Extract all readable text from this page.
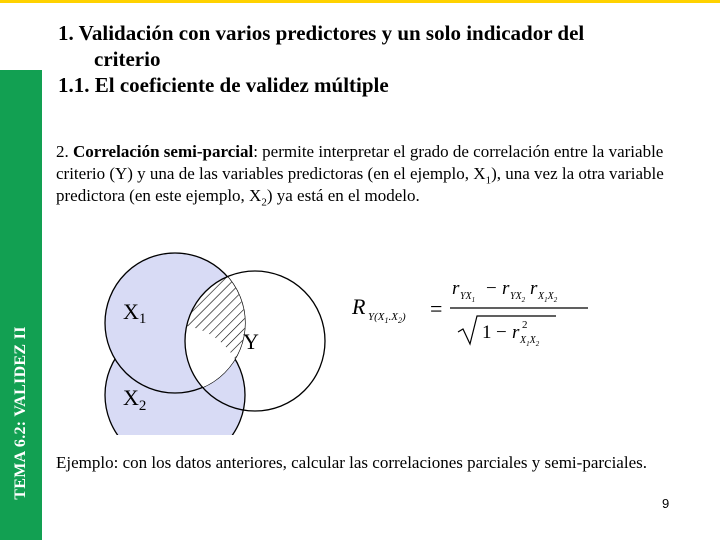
TEMA 6.2: VALIDEZ II
1. Validación con varios predictores y un solo indicador del
criterio
1.1. El coeficiente de validez múltiple
2. Correlación semi-parcial: permite interpretar el grado de correlación entre la variable criterio (Y) y una de las variables predictoras (en el ejemplo, $X_1$), una vez la otra variable predictora (en este ejemplo, $X_2$) ya está en el modelo.
X1
Y
$X_2$
R $Y(X_1.X_2)$ =
r $YX_1$
− r $YX_2$
r $X_1X_2$
1 − r 2
$X_1X_2$
Ejemplo: con los datos anteriores, calcular las correlaciones parciales y semi-parciales.
9
